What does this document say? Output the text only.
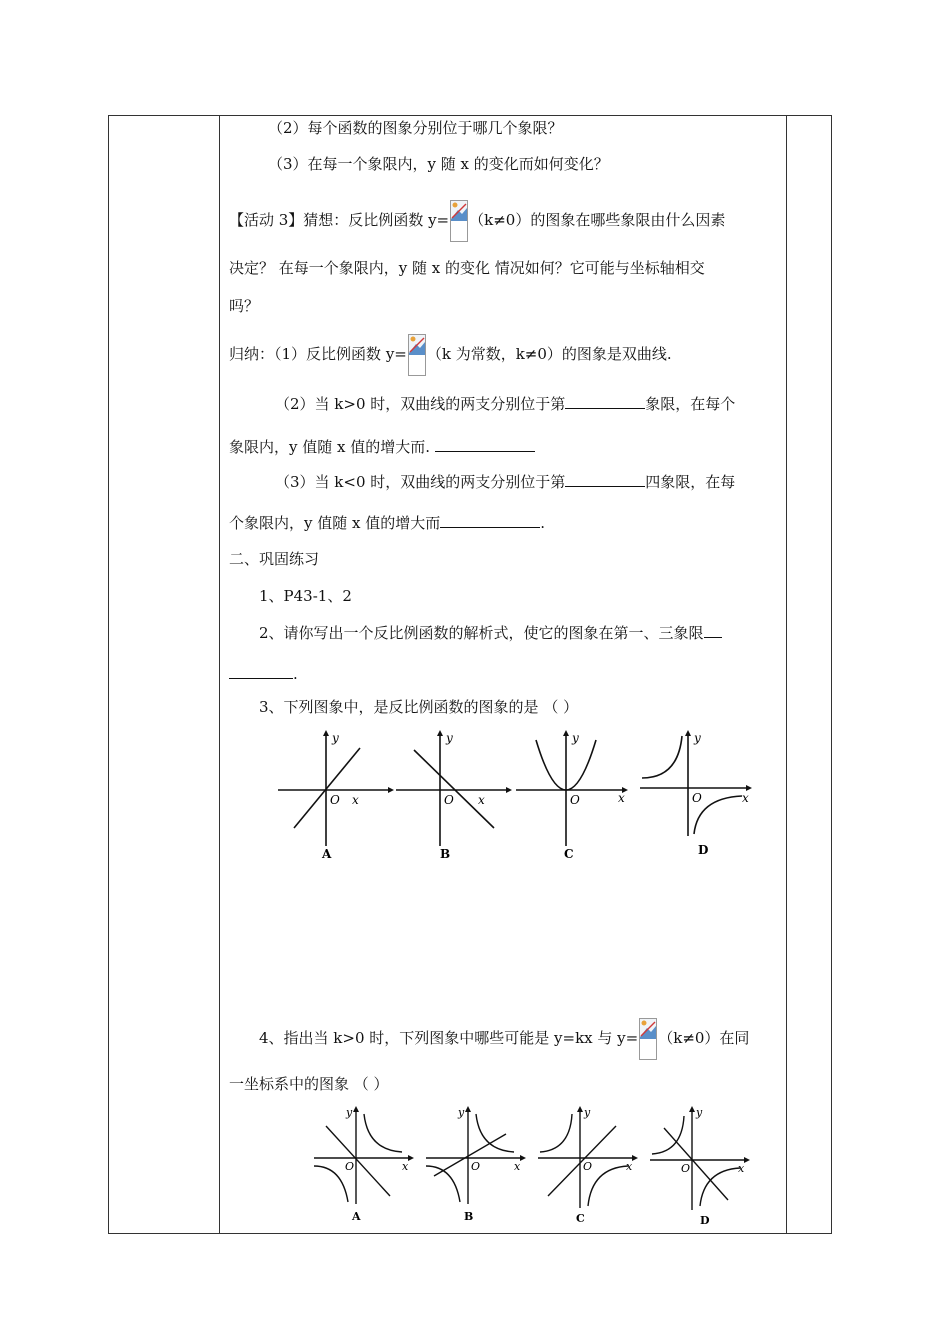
（2）每个函数的图象分别位于哪几个象限？
（3）在每一个象限内，y 随 x 的变化而如何变化？
【活动 3】猜想：反比例函数 y= （k≠0）的图象在哪些象限由什么因素
决定？ 在每一个象限内，y 随 x 的变化 情况如何？它可能与坐标轴相交
吗？
归纳：（1）反比例函数 y= （k 为常数，k≠0）的图象是双曲线.
（2）当 k>0 时，双曲线的两支分别位于第	象限，在每个
象限内，y 值随 x 值的增大而.
（3）当 k<0 时，双曲线的两支分别位于第	四象限，在每
个象限内，y 值随 x 值的增大而	.
二、巩固练习
1、P43-1、2
2、请你写出一个反比例函数的解析式，使它的图象在第一、三象限
.
3、下列图象中，是反比例函数的图象的是 （ ）
O x
y
A
O x
y
B
O	x
y
C
O	x
y
D
4、指出当 k>0 时，下列图象中哪些可能是 y=kx 与 y= （k≠0）在同
一坐标系中的图象 （ ）
O	x
y
A
O	x
y
B
O	x
y
C
O	x
y
D
